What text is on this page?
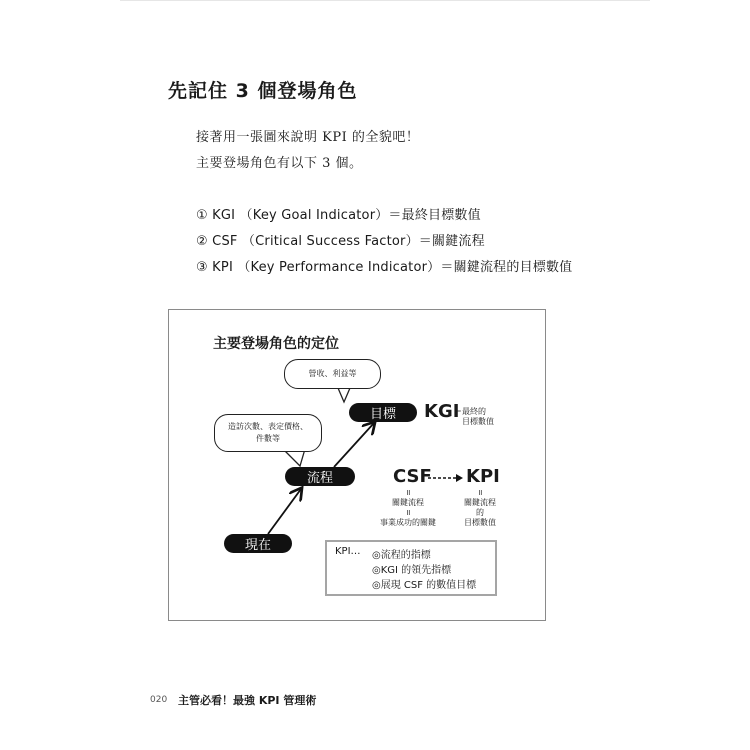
先記住 3 個登場角色
接著用一張圖來說明 KPI 的全貌吧！
主要登場角色有以下 3 個。
① KGI （Key Goal Indicator）＝最終目標數值
② CSF （Critical Success Factor）＝關鍵流程
③ KPI （Key Performance Indicator）＝關鍵流程的目標數值
主要登場角色的定位
營收、利益等
造訪次數、表定價格、
件數等
目標
流程
現在
KGI
＝最終的
目標數值
CSF KPI
॥
關鍵流程
॥
事業成功的關鍵
॥
關鍵流程
的
目標數值
KPI… ◎流程的指標
◎KGI 的領先指標
◎展現 CSF 的數值目標
020 主管必看！最強 KPI 管理術
